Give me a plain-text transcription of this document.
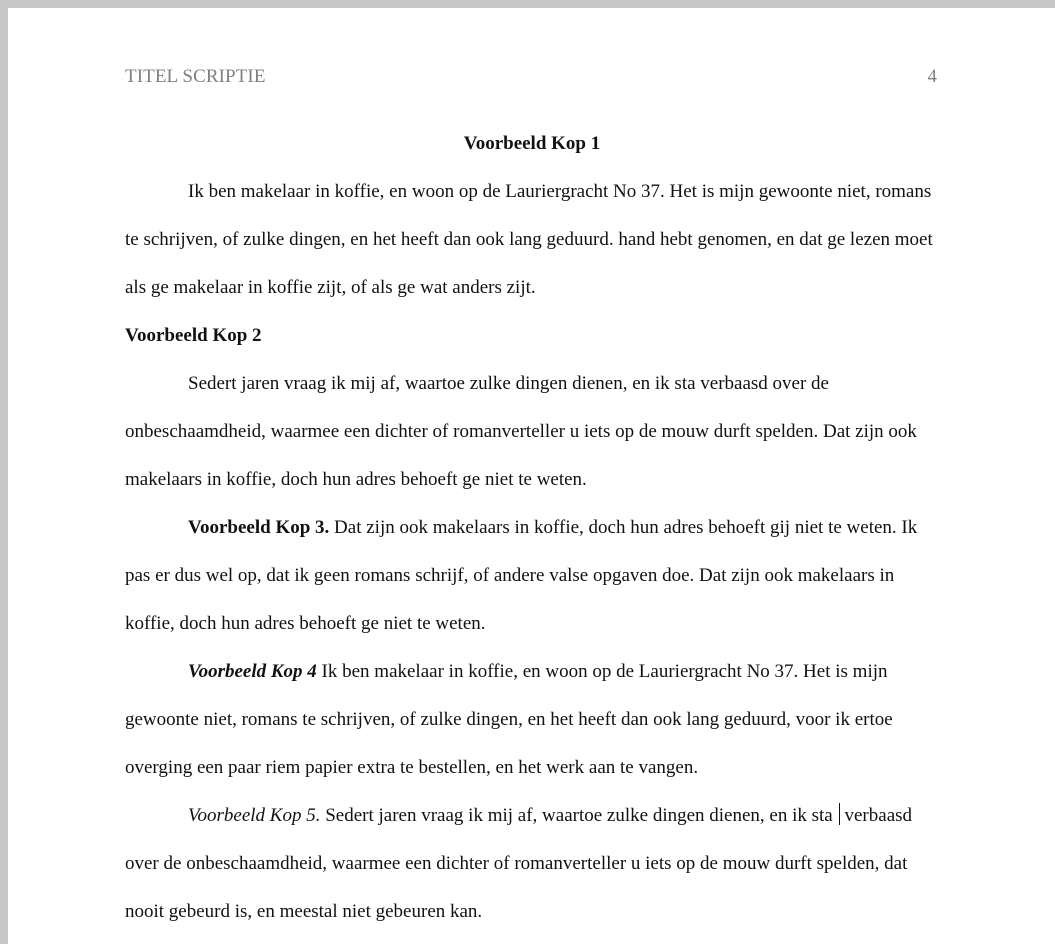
TITEL SCRIPTIE	4

Voorbeeld Kop 1

Ik ben makelaar in koffie, en woon op de Lauriergracht No 37. Het is mijn gewoonte niet, romans te schrijven, of zulke dingen, en het heeft dan ook lang geduurd. hand hebt genomen, en dat ge lezen moet als ge makelaar in koffie zijt, of als ge wat anders zijt.

Voorbeeld Kop 2

Sedert jaren vraag ik mij af, waartoe zulke dingen dienen, en ik sta verbaasd over de onbeschaamdheid, waarmee een dichter of romanverteller u iets op de mouw durft spelden. Dat zijn ook makelaars in koffie, doch hun adres behoeft ge niet te weten.

Voorbeeld Kop 3. Dat zijn ook makelaars in koffie, doch hun adres behoeft gij niet te weten. Ik pas er dus wel op, dat ik geen romans schrijf, of andere valse opgaven doe. Dat zijn ook makelaars in koffie, doch hun adres behoeft ge niet te weten.

Voorbeeld Kop 4 Ik ben makelaar in koffie, en woon op de Lauriergracht No 37. Het is mijn gewoonte niet, romans te schrijven, of zulke dingen, en het heeft dan ook lang geduurd, voor ik ertoe overging een paar riem papier extra te bestellen, en het werk aan te vangen.

Voorbeeld Kop 5. Sedert jaren vraag ik mij af, waartoe zulke dingen dienen, en ik sta verbaasd over de onbeschaamdheid, waarmee een dichter of romanverteller u iets op de mouw durft spelden, dat nooit gebeurd is, en meestal niet gebeuren kan.
